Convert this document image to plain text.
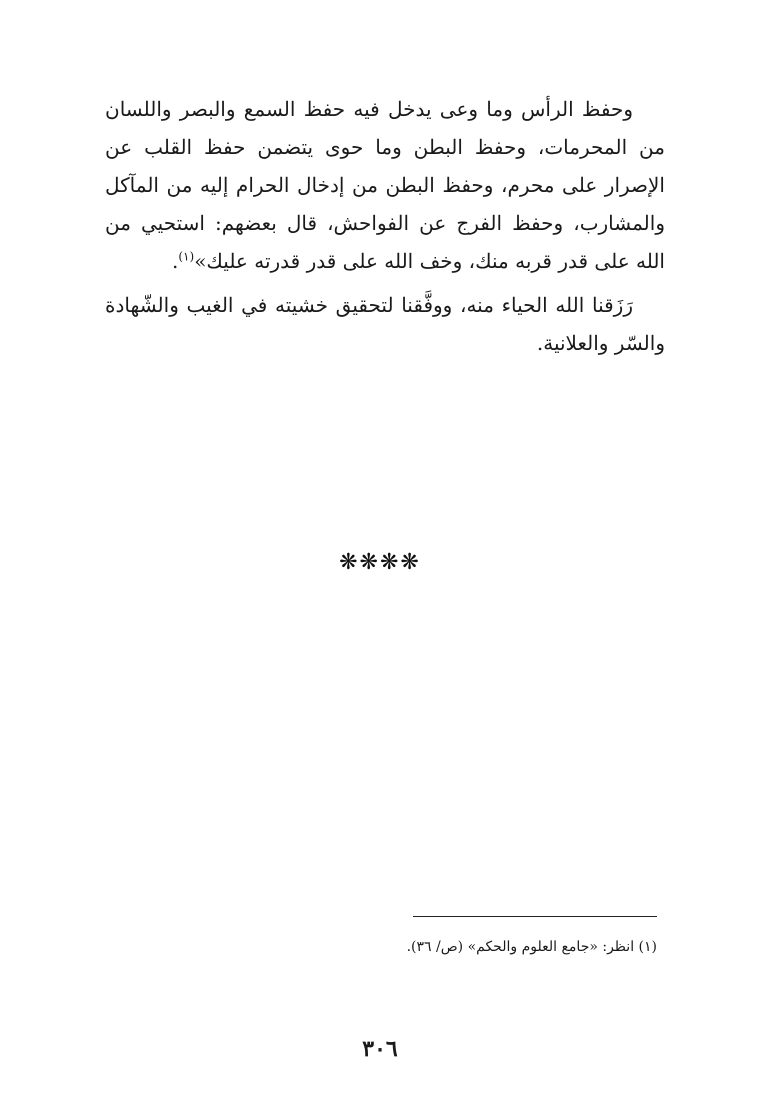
وحفظ الرأس وما وعى يدخل فيه حفظ السمع والبصر واللسان من المحرمات، وحفظ البطن وما حوى يتضمن حفظ القلب عن الإصرار على محرم، وحفظ البطن من إدخال الحرام إليه من المآكل والمشارب، وحفظ الفرج عن الفواحش، قال بعضهم: استحيي من الله على قدر قربه منك، وخف الله على قدر قدرته عليك»$^{(١)}$.

رَزَقنا الله الحياء منه، ووفَّقنا لتحقيق خشيته في الغيب والشّهادة والسّر والعلانية.

❋❋❋❋
(١) انظر: «جامع العلوم والحكم» (ص/ ٣٦).
٣٠٦
